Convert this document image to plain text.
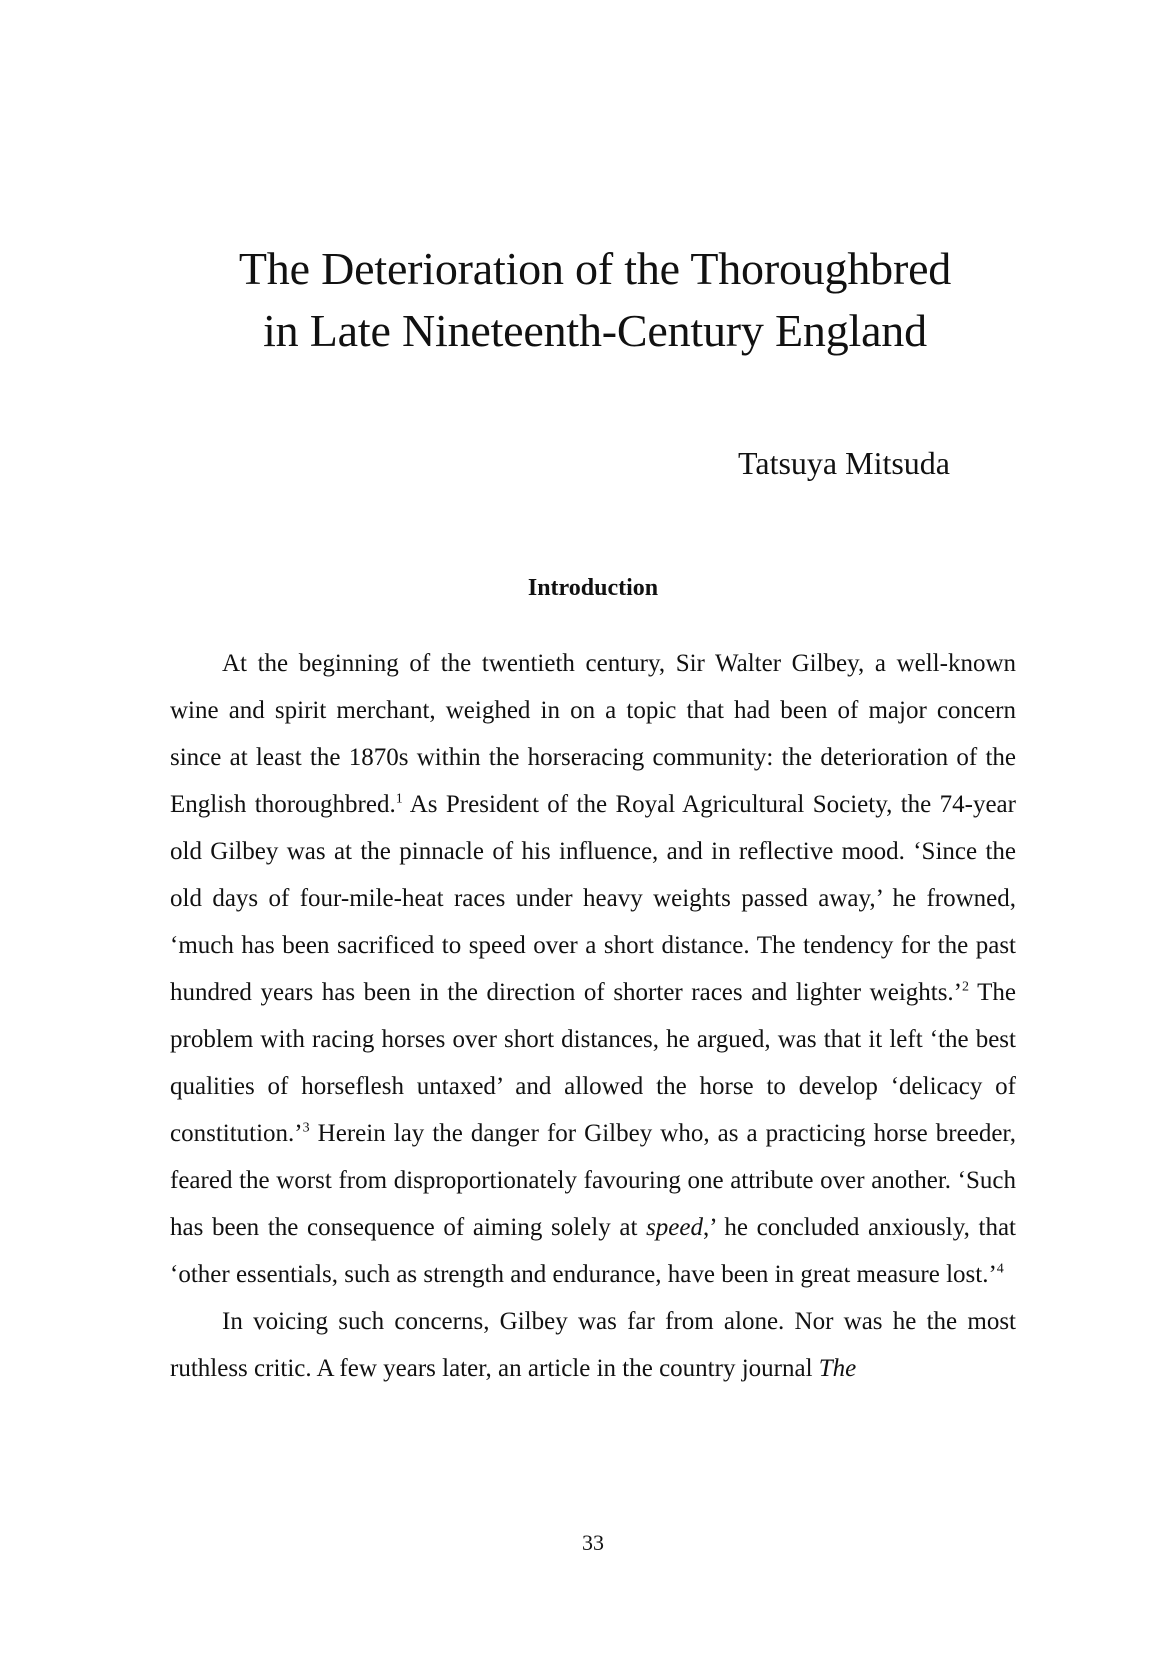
The Deterioration of the Thoroughbred
in Late Nineteenth-Century England
Tatsuya Mitsuda
Introduction

At the beginning of the twentieth century, Sir Walter Gilbey, a well-known wine and spirit merchant, weighed in on a topic that had been of major concern since at least the 1870s within the horseracing community: the deterioration of the English thoroughbred.$^1$ As President of the Royal Agricultural Society, the 74-year old Gilbey was at the pinnacle of his influence, and in reflective mood. ‘Since the old days of four-mile-heat races under heavy weights passed away,’ he frowned, ‘much has been sacrificed to speed over a short distance. The tendency for the past hundred years has been in the direction of shorter races and lighter weights.’$^2$ The problem with racing horses over short distances, he argued, was that it left ‘the best qualities of horseflesh untaxed’ and allowed the horse to develop ‘delicacy of constitution.’$^3$ Herein lay the danger for Gilbey who, as a practicing horse breeder, feared the worst from disproportionately favouring one attribute over another. ‘Such has been the consequence of aiming solely at speed,’ he concluded anxiously, that ‘other essentials, such as strength and endurance, have been in great measure lost.’$^4$

In voicing such concerns, Gilbey was far from alone. Nor was he the most ruthless critic. A few years later, an article in the country journal The

33
